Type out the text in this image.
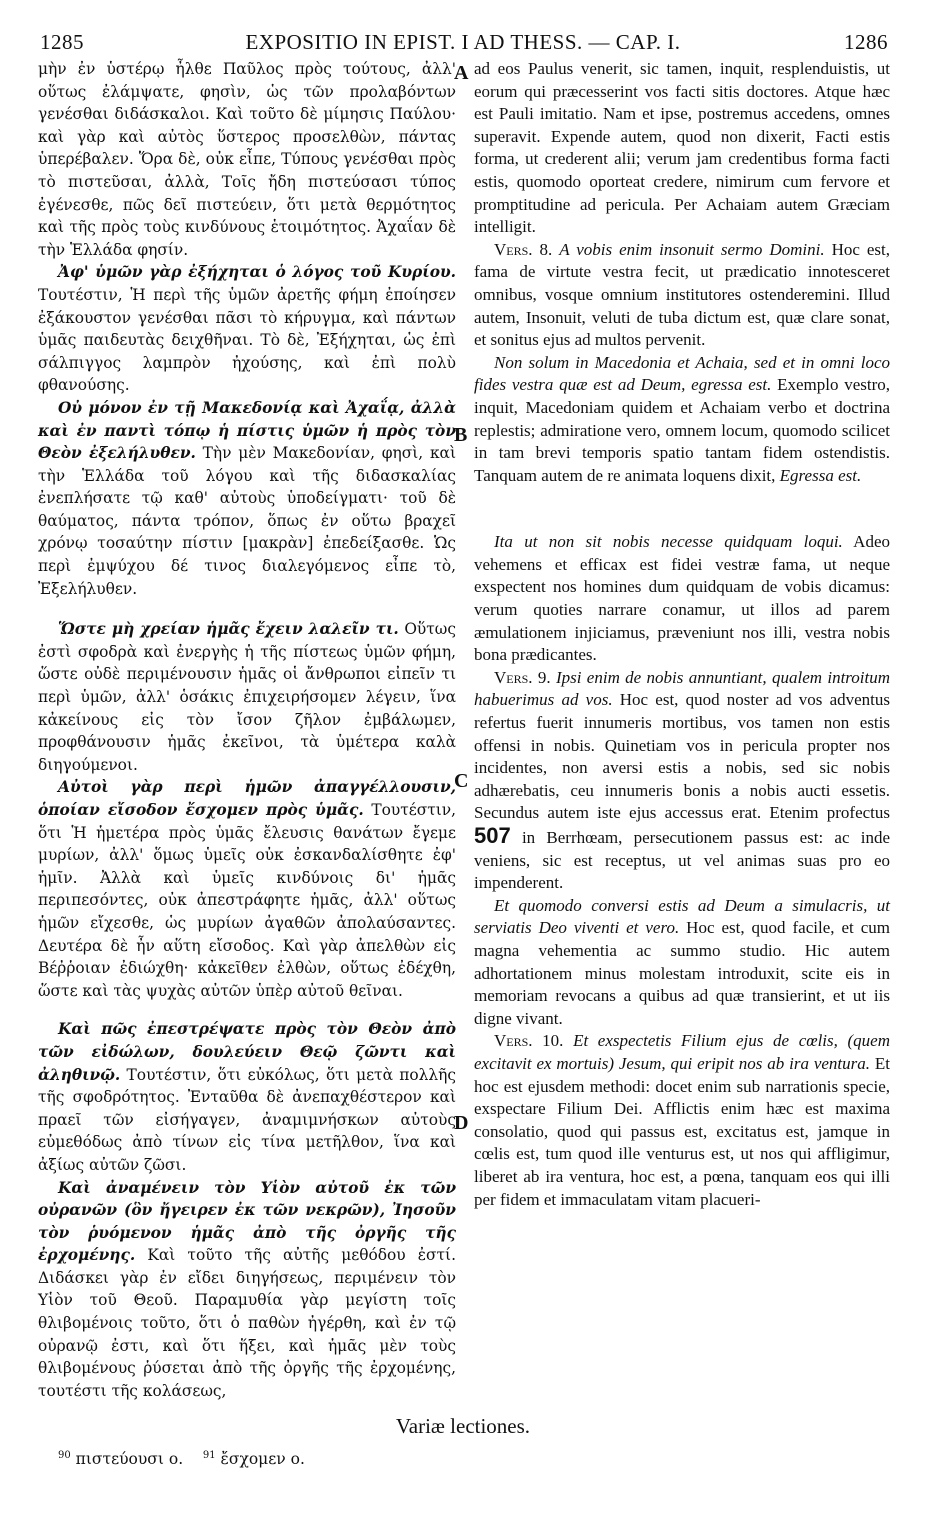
1285	EXPOSITIO IN EPIST. I AD THESS. — CAP. I.	1286
A
B
C
D

μὴν ἐν ὑστέρῳ ἦλθε Παῦλος πρὸς τούτους, ἀλλ' οὕτως ἐλάμψατε, φησὶν, ὡς τῶν προλαβόντων γενέσθαι διδάσκαλοι. Καὶ τοῦτο δὲ μίμησις Παύλου· καὶ γὰρ καὶ αὐτὸς ὕστερος προσελθὼν, πάντας ὑπερέβαλεν. Ὅρα δὲ, οὐκ εἶπε, Τύπους γενέσθαι πρὸς τὸ πιστεῦσαι, ἀλλὰ, Τοῖς ἤδη πιστεύσασι τύπος ἐγένεσθε, πῶς δεῖ πιστεύειν, ὅτι μετὰ θερμότητος καὶ τῆς πρὸς τοὺς κινδύνους ἑτοιμότητος. Ἀχαΐαν δὲ τὴν Ἑλλάδα φησίν.

Ἀφ' ὑμῶν γὰρ ἐξήχηται ὁ λόγος τοῦ Κυρίου. Τουτέστιν, Ἡ περὶ τῆς ὑμῶν ἀρετῆς φήμη ἐποίησεν ἐξάκουστον γενέσθαι πᾶσι τὸ κήρυγμα, καὶ πάντων ὑμᾶς παιδευτὰς δειχθῆναι. Τὸ δὲ, Ἐξήχηται, ὡς ἐπὶ σάλπιγγος λαμπρὸν ἠχούσης, καὶ ἐπὶ πολὺ φθανούσης.

Οὐ μόνον ἐν τῇ Μακεδονίᾳ καὶ Ἀχαΐᾳ, ἀλλὰ καὶ ἐν παντὶ τόπῳ ἡ πίστις ὑμῶν ἡ πρὸς τὸν Θεὸν ἐξελήλυθεν. Τὴν μὲν Μακεδονίαν, φησὶ, καὶ τὴν Ἑλλάδα τοῦ λόγου καὶ τῆς διδασκαλίας ἐνεπλήσατε τῷ καθ' αὐτοὺς ὑποδείγματι· τοῦ δὲ θαύματος, πάντα τρόπον, ὅπως ἐν οὕτω βραχεῖ χρόνῳ τοσαύτην πίστιν [μακρὰν] ἐπεδείξασθε. Ὡς περὶ ἐμψύχου δέ τινος διαλεγόμενος εἶπε τὸ, Ἐξελήλυθεν.

Ὥστε μὴ χρείαν ἡμᾶς ἔχειν λαλεῖν τι. Οὕτως ἐστὶ σφοδρὰ καὶ ἐνεργὴς ἡ τῆς πίστεως ὑμῶν φήμη, ὥστε οὐδὲ περιμένουσιν ἡμᾶς οἱ ἄνθρωποι εἰπεῖν τι περὶ ὑμῶν, ἀλλ' ὁσάκις ἐπιχειρήσομεν λέγειν, ἵνα κἀκείνους εἰς τὸν ἴσον ζῆλον ἐμβάλωμεν, προφθάνουσιν ἡμᾶς ἐκεῖνοι, τὰ ὑμέτερα καλὰ διηγούμενοι.

Αὐτοὶ γὰρ περὶ ἡμῶν ἀπαγγέλλουσιν, ὁποίαν εἴσοδον ἔσχομεν πρὸς ὑμᾶς. Τουτέστιν, ὅτι Ἡ ἡμετέρα πρὸς ὑμᾶς ἔλευσις θανάτων ἔγεμε μυρίων, ἀλλ' ὅμως ὑμεῖς οὐκ ἐσκανδαλίσθητε ἐφ' ἡμῖν. Ἀλλὰ καὶ ὑμεῖς κινδύνοις δι' ἡμᾶς περιπεσόντες, οὐκ ἀπεστράφητε ἡμᾶς, ἀλλ' οὕτως ἡμῶν εἴχεσθε, ὡς μυρίων ἀγαθῶν ἀπολαύσαντες. Δευτέρα δὲ ἦν αὕτη εἴσοδος. Καὶ γὰρ ἀπελθὼν εἰς Βέῤῥοιαν ἐδιώχθη· κἀκεῖθεν ἐλθὼν, οὕτως ἐδέχθη, ὥστε καὶ τὰς ψυχὰς αὐτῶν ὑπὲρ αὐτοῦ θεῖναι.

Καὶ πῶς ἐπεστρέψατε πρὸς τὸν Θεὸν ἀπὸ τῶν εἰδώλων, δουλεύειν Θεῷ ζῶντι καὶ ἀληθινῷ. Τουτέστιν, ὅτι εὐκόλως, ὅτι μετὰ πολλῆς τῆς σφοδρότητος. Ἐνταῦθα δὲ ἀνεπαχθέστερον καὶ πραεῖ τῶν εἰσήγαγεν, ἀναμιμνήσκων αὐτοὺς εὐμεθόδως ἀπὸ τίνων εἰς τίνα μετῆλθον, ἵνα καὶ ἀξίως αὐτῶν ζῶσι.

Καὶ ἀναμένειν τὸν Υἱὸν αὐτοῦ ἐκ τῶν οὐρανῶν (ὃν ἤγειρεν ἐκ τῶν νεκρῶν), Ἰησοῦν τὸν ῥυόμενον ἡμᾶς ἀπὸ τῆς ὀργῆς τῆς ἐρχομένης. Καὶ τοῦτο τῆς αὐτῆς μεθόδου ἐστί. Διδάσκει γὰρ ἐν εἴδει διηγήσεως, περιμένειν τὸν Υἱὸν τοῦ Θεοῦ. Παραμυθία γὰρ μεγίστη τοῖς θλιβομένοις τοῦτο, ὅτι ὁ παθὼν ἠγέρθη, καὶ ἐν τῷ οὐρανῷ ἐστι, καὶ ὅτι ἥξει, καὶ ἡμᾶς μὲν τοὺς θλιβομένους ῥύσεται ἀπὸ τῆς ὀργῆς τῆς ἐρχομένης, τουτέστι τῆς κολάσεως,

ad eos Paulus venerit, sic tamen, inquit, resplenduistis, ut eorum qui præcesserint vos facti sitis doctores. Atque hæc est Pauli imitatio. Nam et ipse, postremus accedens, omnes superavit. Expende autem, quod non dixerit, Facti estis forma, ut crederent alii; verum jam credentibus forma facti estis, quomodo oporteat credere, nimirum cum fervore et promptitudine ad pericula. Per Achaiam autem Græciam intelligit.

Vers. 8. A vobis enim insonuit sermo Domini. Hoc est, fama de virtute vestra fecit, ut prædicatio innotesceret omnibus, vosque omnium institutores ostenderemini. Illud autem, Insonuit, veluti de tuba dictum est, quæ clare sonat, et sonitus ejus ad multos pervenit.

Non solum in Macedonia et Achaia, sed et in omni loco fides vestra quæ est ad Deum, egressa est. Exemplo vestro, inquit, Macedoniam quidem et Achaiam verbo et doctrina replestis; admiratione vero, omnem locum, quomodo scilicet in tam brevi temporis spatio tantam fidem ostendistis. Tanquam autem de re animata loquens dixit, Egressa est.

Ita ut non sit nobis necesse quidquam loqui. Adeo vehemens et efficax est fidei vestræ fama, ut neque exspectent nos homines dum quidquam de vobis dicamus: verum quoties narrare conamur, ut illos ad parem æmulationem injiciamus, præveniunt nos illi, vestra nobis bona prædicantes.

Vers. 9. Ipsi enim de nobis annuntiant, qualem introitum habuerimus ad vos. Hoc est, quod noster ad vos adventus refertus fuerit innumeris mortibus, vos tamen non estis offensi in nobis. Quinetiam vos in pericula propter nos incidentes, non aversi estis a nobis, sed sic nobis adhærebatis, ceu innumeris bonis a nobis aucti essetis. Secundus autem iste ejus accessus erat. Etenim profectus 507 in Berrhœam, persecutionem passus est: ac inde veniens, sic est receptus, ut vel animas suas pro eo impenderent.

Et quomodo conversi estis ad Deum a simulacris, ut serviatis Deo viventi et vero. Hoc est, quod facile, et cum magna vehementia ac summo studio. Hic autem adhortationem minus molestam introduxit, scite eis in memoriam revocans a quibus ad quæ transierint, et ut iis digne vivant.

Vers. 10. Et exspectetis Filium ejus de cœlis, (quem excitavit ex mortuis) Jesum, qui eripit nos ab ira ventura. Et hoc est ejusdem methodi: docet enim sub narrationis specie, exspectare Filium Dei. Afflictis enim hæc est maxima consolatio, quod qui passus est, excitatus est, jamque in cœlis est, tum quod ille venturus est, ut nos qui affligimur, liberet ab ira ventura, hoc est, a pœna, tanquam eos qui illi per fidem et immaculatam vitam placueri-

Variæ lectiones.
$^{90}$ πιστεύουσι ο. $^{91}$ ἔσχομεν ο.
